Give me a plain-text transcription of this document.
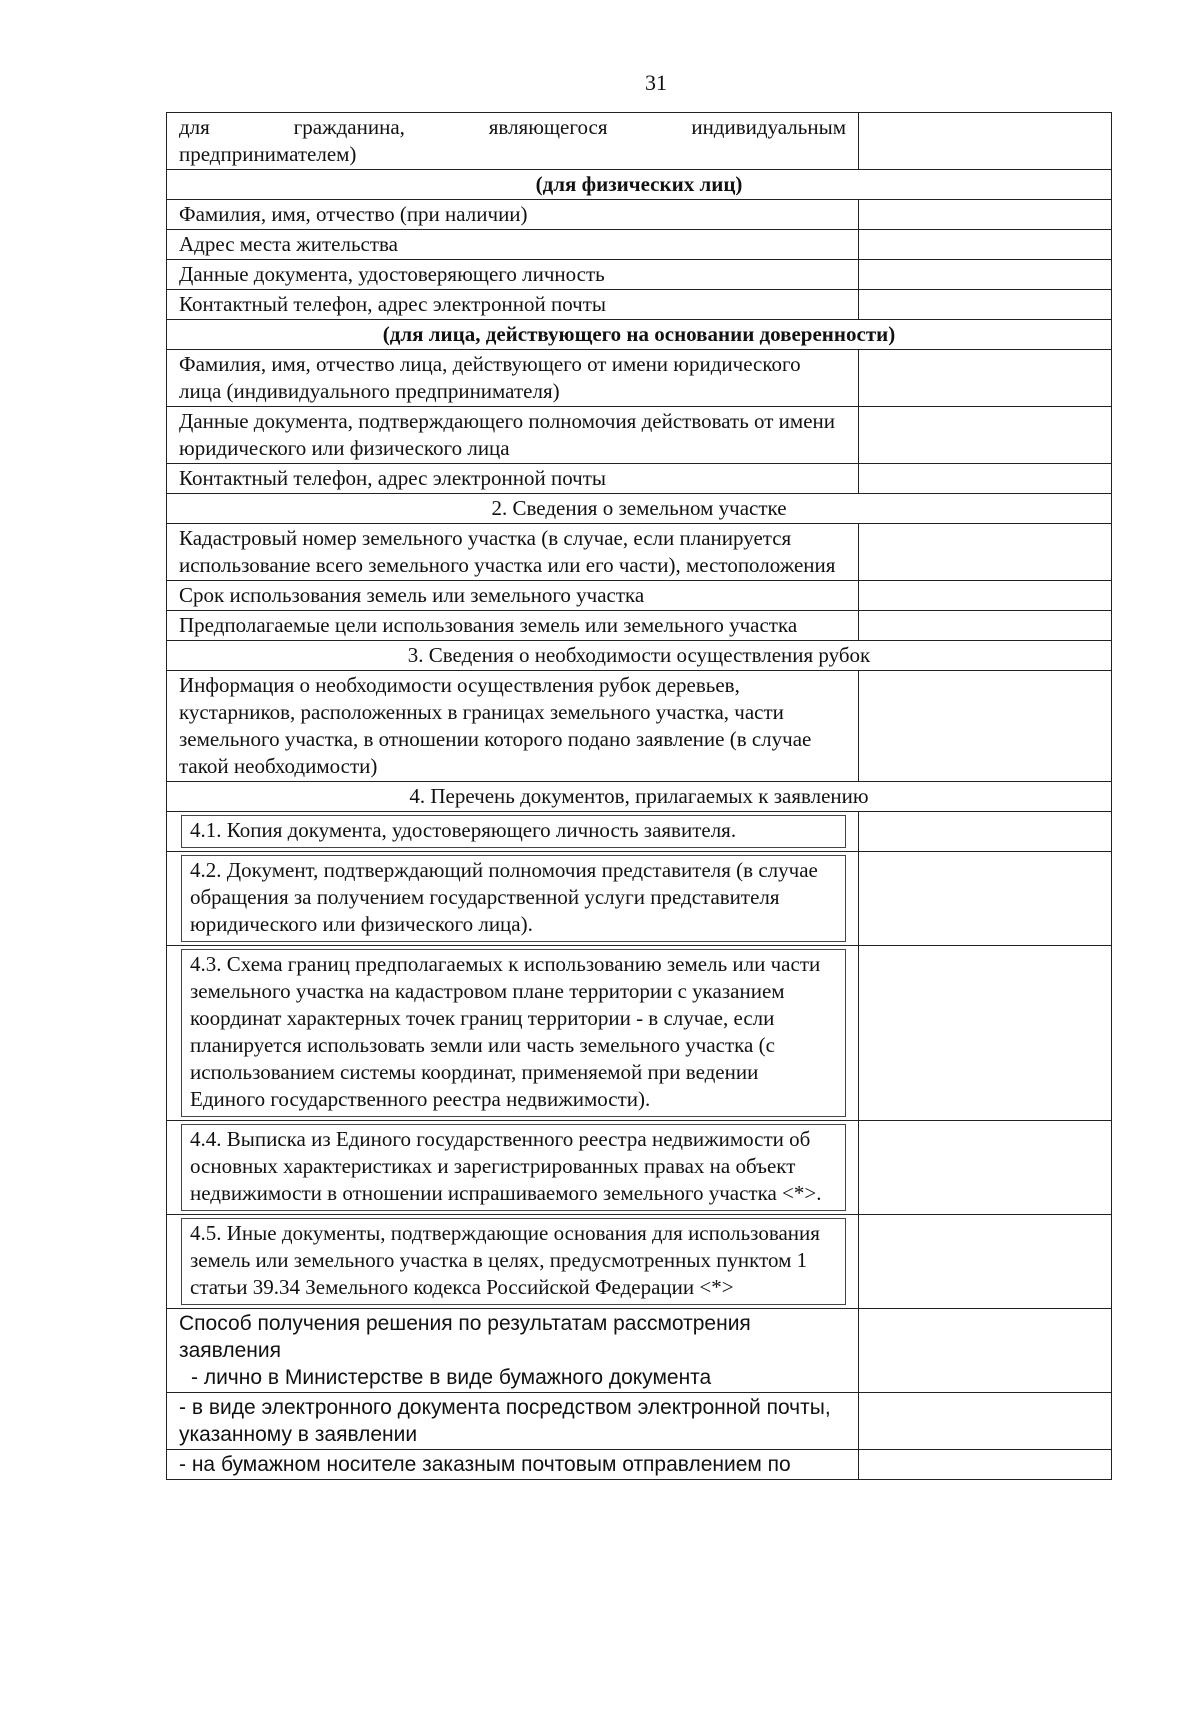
31
для гражданина, являющегося индивидуальным
предпринимателем)	

(для физических лиц)	
Фамилия, имя, отчество (при наличии)	
Адрес места жительства	
Данные документа, удостоверяющего личность	
Контактный телефон, адрес электронной почты	
(для лица, действующего на основании доверенности)	
Фамилия, имя, отчество лица, действующего от имени юридического лица (индивидуального предпринимателя)	
Данные документа, подтверждающего полномочия действовать от имени юридического или физического лица	
Контактный телефон, адрес электронной почты	
2. Сведения о земельном участке	
Кадастровый номер земельного участка (в случае, если планируется использование всего земельного участка или его части), местоположения	
Срок использования земель или земельного участка	
Предполагаемые цели использования земель или земельного участка	
3. Сведения о необходимости осуществления рубок	
Информация о необходимости осуществления рубок деревьев, кустарников, расположенных в границах земельного участка, части земельного участка, в отношении которого подано заявление (в случае такой необходимости)	
4. Перечень документов, прилагаемых к заявлению	

4.1. Копия документа, удостоверяющего личность заявителя.	

4.2. Документ, подтверждающий полномочия представителя (в случае обращения за получением государственной услуги представителя юридического или физического лица).	

4.3. Схема границ предполагаемых к использованию земель или части земельного участка на кадастровом плане территории с указанием координат характерных точек границ территории - в случае, если планируется использовать земли или часть земельного участка (с использованием системы координат, применяемой при ведении Единого государственного реестра недвижимости).	

4.4. Выписка из Единого государственного реестра недвижимости об основных характеристиках и зарегистрированных правах на объект недвижимости в отношении испрашиваемого земельного участка <*>.	

4.5. Иные документы, подтверждающие основания для использования земель или земельного участка в целях, предусмотренных пунктом 1 статьи 39.34 Земельного кодекса Российской Федерации <*>	

Способ получения решения по результатам рассмотрения заявления
- лично в Министерстве в виде бумажного документа	

- в виде электронного документа посредством электронной почты, указанному в заявлении	
- на бумажном носителе заказным почтовым отправлением по	
